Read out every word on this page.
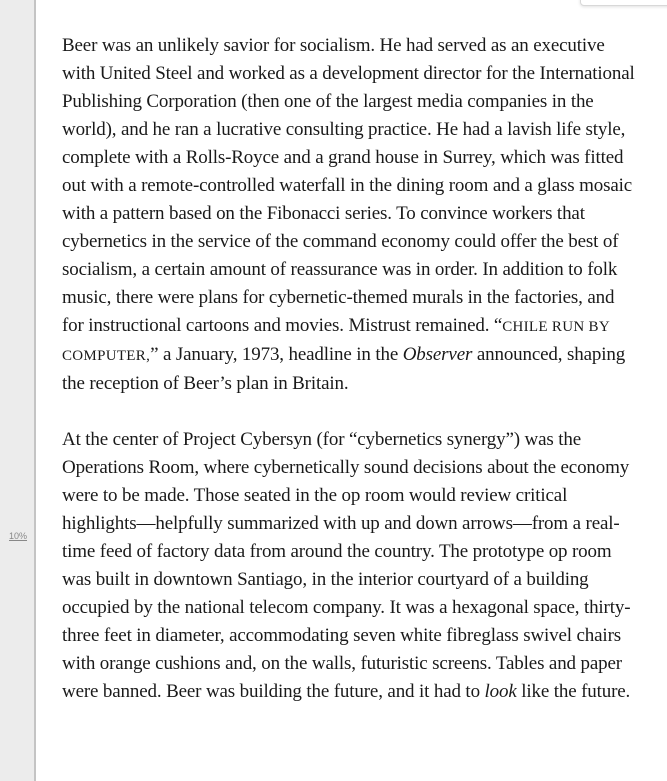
10%

Beer was an unlikely savior for socialism. He had served as an executive with United Steel and worked as a development director for the International Publishing Corporation (then one of the largest media companies in the world), and he ran a lucrative consulting practice. He had a lavish life style, complete with a Rolls-Royce and a grand house in Surrey, which was fitted out with a remote-controlled waterfall in the dining room and a glass mosaic with a pattern based on the Fibonacci series. To convince workers that cybernetics in the service of the command economy could offer the best of socialism, a certain amount of reassurance was in order. In addition to folk music, there were plans for cybernetic-themed murals in the factories, and for instructional cartoons and movies. Mistrust remained. “CHILE RUN BY COMPUTER,” a January, 1973, headline in the Observer announced, shaping the reception of Beer’s plan in Britain.

At the center of Project Cybersyn (for “cybernetics synergy”) was the Operations Room, where cybernetically sound decisions about the economy were to be made. Those seated in the op room would review critical highlights—helpfully summarized with up and down arrows—from a real-time feed of factory data from around the country. The prototype op room was built in downtown Santiago, in the interior courtyard of a building occupied by the national telecom company. It was a hexagonal space, thirty-three feet in diameter, accommodating seven white fibreglass swivel chairs with orange cushions and, on the walls, futuristic screens. Tables and paper were banned. Beer was building the future, and it had to look like the future.
